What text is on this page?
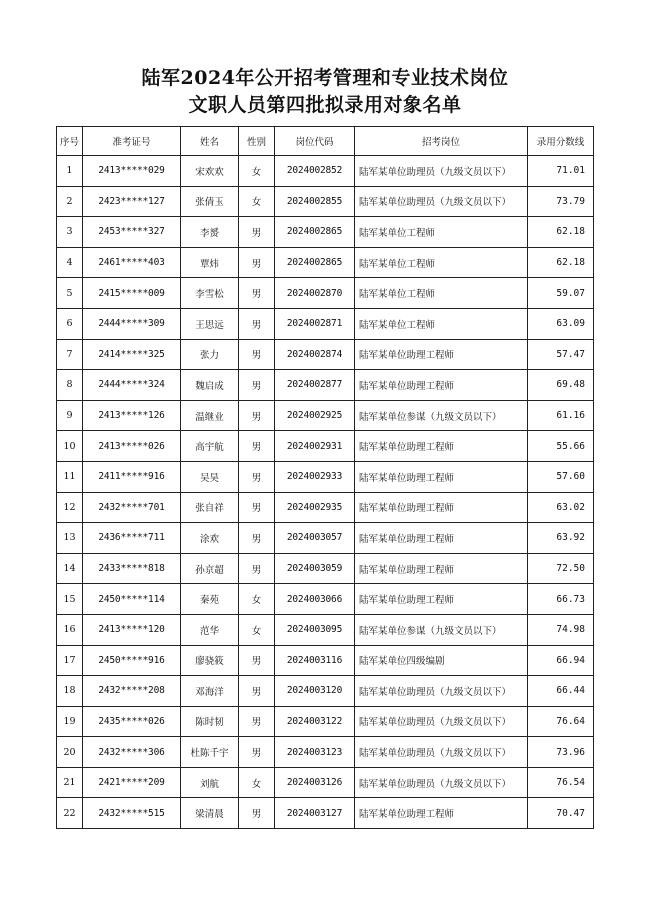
陆军2024年公开招考管理和专业技术岗位
文职人员第四批拟录用对象名单
序号	准考证号	姓名	性别	岗位代码	招考岗位	录用分数线
1	2413*****029	宋欢欢	女	2024002852	陆军某单位助理员（九级文员以下）	71.01
2	2423*****127	张倩玉	女	2024002855	陆军某单位助理员（九级文员以下）	73.79
3	2453*****327	李赟	男	2024002865	陆军某单位工程师	62.18
4	2461*****403	覃炜	男	2024002865	陆军某单位工程师	62.18
5	2415*****009	李雪松	男	2024002870	陆军某单位工程师	59.07
6	2444*****309	王思远	男	2024002871	陆军某单位工程师	63.09
7	2414*****325	张力	男	2024002874	陆军某单位助理工程师	57.47
8	2444*****324	魏启成	男	2024002877	陆军某单位助理工程师	69.48
9	2413*****126	温继业	男	2024002925	陆军某单位参谋（九级文员以下）	61.16
10	2413*****026	高宇航	男	2024002931	陆军某单位助理工程师	55.66
11	2411*****916	吴昊	男	2024002933	陆军某单位助理工程师	57.60
12	2432*****701	张自祥	男	2024002935	陆军某单位助理工程师	63.02
13	2436*****711	涂欢	男	2024003057	陆军某单位助理工程师	63.92
14	2433*****818	孙京超	男	2024003059	陆军某单位助理工程师	72.50
15	2450*****114	秦苑	女	2024003066	陆军某单位助理工程师	66.73
16	2413*****120	范华	女	2024003095	陆军某单位参谋（九级文员以下）	74.98
17	2450*****916	廖骁筱	男	2024003116	陆军某单位四级编剧	66.94
18	2432*****208	邓海洋	男	2024003120	陆军某单位助理员（九级文员以下）	66.44
19	2435*****026	陈时韧	男	2024003122	陆军某单位助理员（九级文员以下）	76.64
20	2432*****306	杜陈千宇	男	2024003123	陆军某单位助理员（九级文员以下）	73.96
21	2421*****209	刘航	女	2024003126	陆军某单位助理员（九级文员以下）	76.54
22	2432*****515	梁清晨	男	2024003127	陆军某单位助理工程师	70.47
